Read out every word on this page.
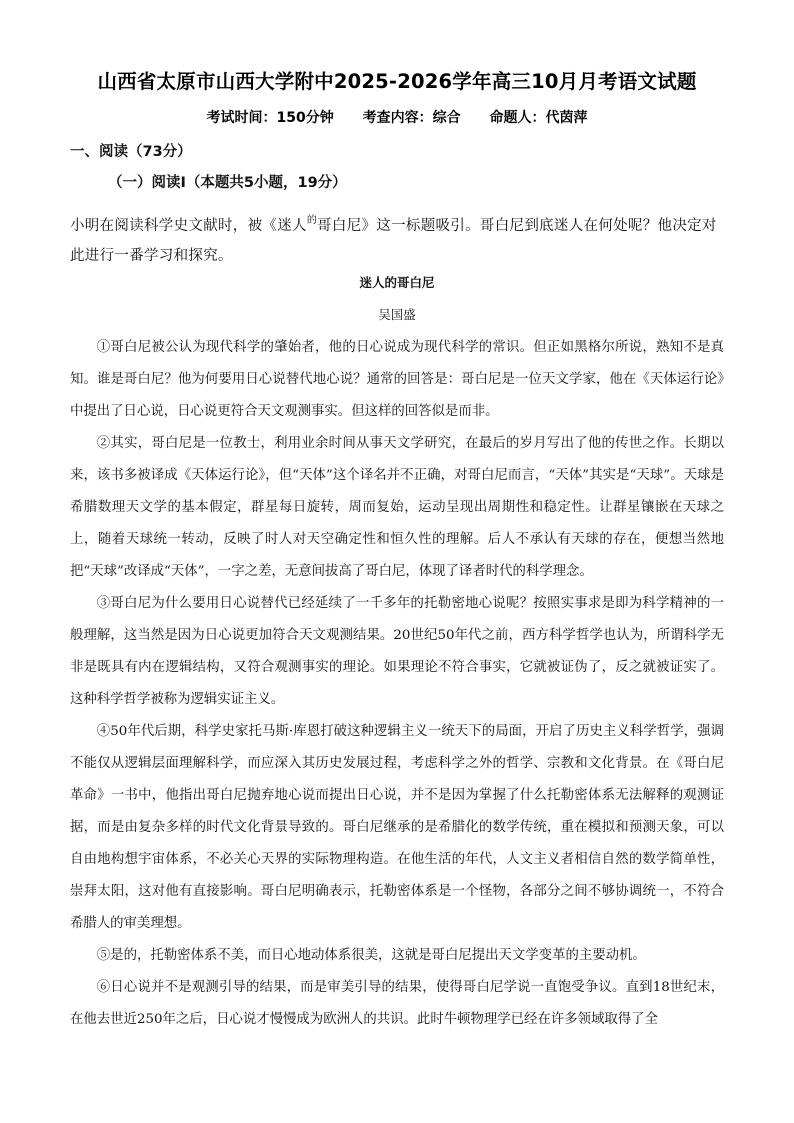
山西省太原市山西大学附中2025-2026学年高三10月月考语文试题
考试时间：150分钟 考查内容：综合 命题人：代茵萍
一、阅读（73分）
（一）阅读Ⅰ（本题共5小题，19分）
小明在阅读科学史文献时，被《迷人$^的$哥白尼》这一标题吸引。哥白尼到底迷人在何处呢？他决定对此进行一番学习和探究。
迷人的哥白尼
吴国盛

①哥白尼被公认为现代科学的肇始者，他的日心说成为现代科学的常识。但正如黑格尔所说，熟知不是真知。谁是哥白尼？他为何要用日心说替代地心说？通常的回答是：哥白尼是一位天文学家，他在《天体运行论》中提出了日心说，日心说更符合天文观测事实。但这样的回答似是而非。

②其实，哥白尼是一位教士，利用业余时间从事天文学研究，在最后的岁月写出了他的传世之作。长期以来，该书多被译成《天体运行论》，但“天体”这个译名并不正确，对哥白尼而言，“天体”其实是“天球”。天球是希腊数理天文学的基本假定，群星每日旋转，周而复始，运动呈现出周期性和稳定性。让群星镶嵌在天球之上，随着天球统一转动，反映了时人对天空确定性和恒久性的理解。后人不承认有天球的存在，便想当然地把“天球”改译成“天体”，一字之差，无意间拔高了哥白尼，体现了译者时代的科学理念。

③哥白尼为什么要用日心说替代已经延续了一千多年的托勒密地心说呢？按照实事求是即为科学精神的一般理解，这当然是因为日心说更加符合天文观测结果。20世纪50年代之前，西方科学哲学也认为，所谓科学无非是既具有内在逻辑结构，又符合观测事实的理论。如果理论不符合事实，它就被证伪了，反之就被证实了。这种科学哲学被称为逻辑实证主义。

④50年代后期，科学史家托马斯·库恩打破这种逻辑主义一统天下的局面，开启了历史主义科学哲学，强调不能仅从逻辑层面理解科学，而应深入其历史发展过程，考虑科学之外的哲学、宗教和文化背景。在《哥白尼革命》一书中，他指出哥白尼抛弃地心说而提出日心说，并不是因为掌握了什么托勒密体系无法解释的观测证据，而是由复杂多样的时代文化背景导致的。哥白尼继承的是希腊化的数学传统，重在模拟和预测天象，可以自由地构想宇宙体系，不必关心天界的实际物理构造。在他生活的年代，人文主义者相信自然的数学简单性，崇拜太阳，这对他有直接影响。哥白尼明确表示，托勒密体系是一个怪物，各部分之间不够协调统一，不符合希腊人的审美理想。

⑤是的，托勒密体系不美，而日心地动体系很美，这就是哥白尼提出天文学变革的主要动机。

⑥日心说并不是观测引导的结果，而是审美引导的结果，使得哥白尼学说一直饱受争议。直到18世纪末，在他去世近250年之后，日心说才慢慢成为欧洲人的共识。此时牛顿物理学已经在许多领域取得了全
